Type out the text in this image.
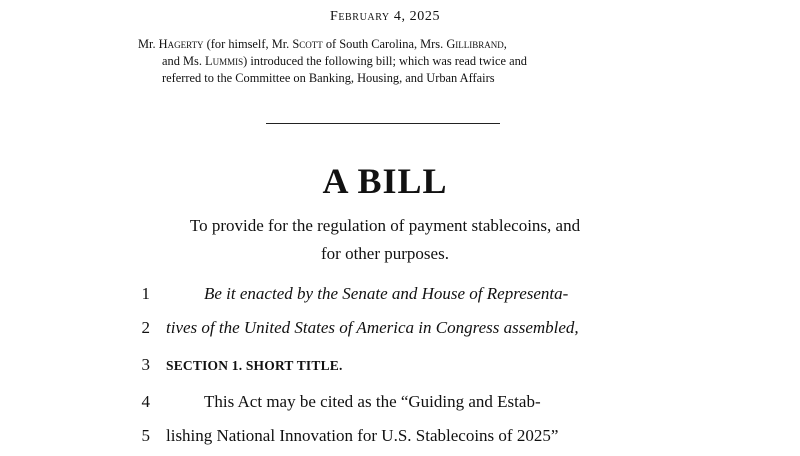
February 4, 2025
Mr. Hagerty (for himself, Mr. Scott of South Carolina, Mrs. Gillibrand,
and Ms. Lummis) introduced the following bill; which was read twice and
referred to the Committee on Banking, Housing, and Urban Affairs
A BILL
To provide for the regulation of payment stablecoins, and
for other purposes.
1	Be it enacted by the Senate and House of Representa-
2 tives of the United States of America in Congress assembled,
3 SECTION 1. SHORT TITLE.
4	This Act may be cited as the “Guiding and Estab-
5 lishing National Innovation for U.S. Stablecoins of 2025”
